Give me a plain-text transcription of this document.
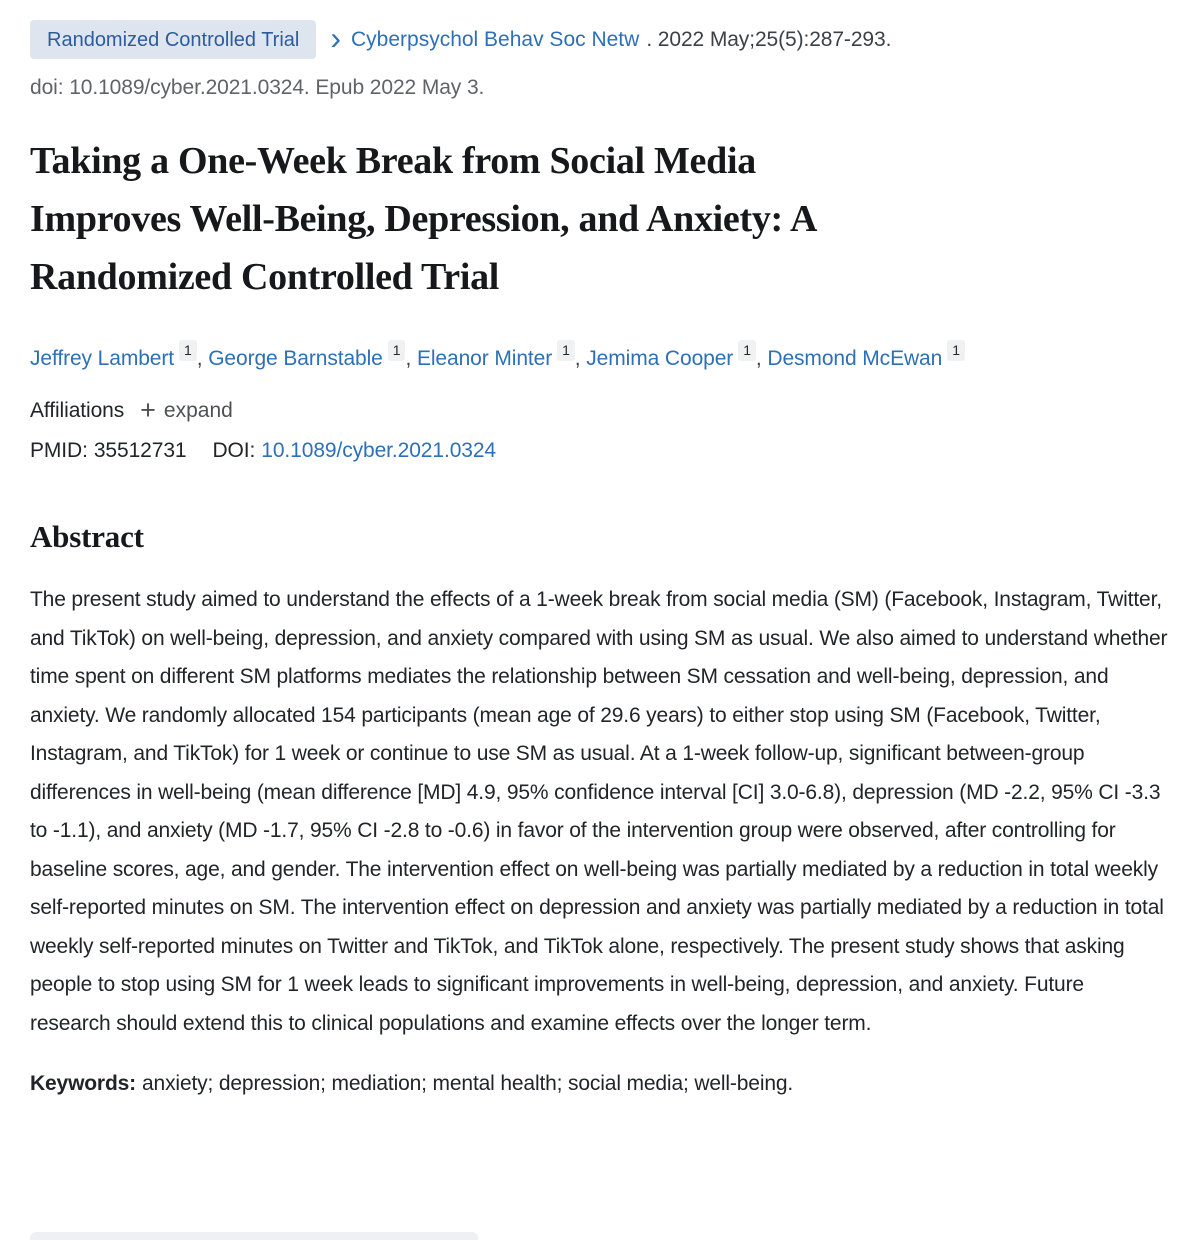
Randomized Controlled Trial › Cyberpsychol Behav Soc Netw . 2022 May;25(5):287-293.
doi: 10.1089/cyber.2021.0324. Epub 2022 May 3.
Taking a One-Week Break from Social Media
Improves Well-Being, Depression, and Anxiety: A
Randomized Controlled Trial
Jeffrey Lambert $^1$ , George Barnstable $^1$ , Eleanor Minter $^1$ , Jemima Cooper $^1$ , Desmond McEwan $^1$
Affiliations + expand
PMID: 35512731 DOI: 10.1089/cyber.2021.0324
Abstract

The present study aimed to understand the effects of a 1-week break from social media (SM) (Facebook, Instagram, Twitter, and TikTok) on well-being, depression, and anxiety compared with using SM as usual. We also aimed to understand whether time spent on different SM platforms mediates the relationship between SM cessation and well-being, depression, and anxiety. We randomly allocated 154 participants (mean age of 29.6 years) to either stop using SM (Facebook, Twitter, Instagram, and TikTok) for 1 week or continue to use SM as usual. At a 1-week follow-up, significant between-group differences in well-being (mean difference [MD] 4.9, 95% confidence interval [CI] 3.0-6.8), depression (MD -2.2, 95% CI -3.3 to -1.1), and anxiety (MD -1.7, 95% CI -2.8 to -0.6) in favor of the intervention group were observed, after controlling for baseline scores, age, and gender. The intervention effect on well-being was partially mediated by a reduction in total weekly self-reported minutes on SM. The intervention effect on depression and anxiety was partially mediated by a reduction in total weekly self-reported minutes on Twitter and TikTok, and TikTok alone, respectively. The present study shows that asking people to stop using SM for 1 week leads to significant improvements in well-being, depression, and anxiety. Future research should extend this to clinical populations and examine effects over the longer term.

Keywords: anxiety; depression; mediation; mental health; social media; well-being.
